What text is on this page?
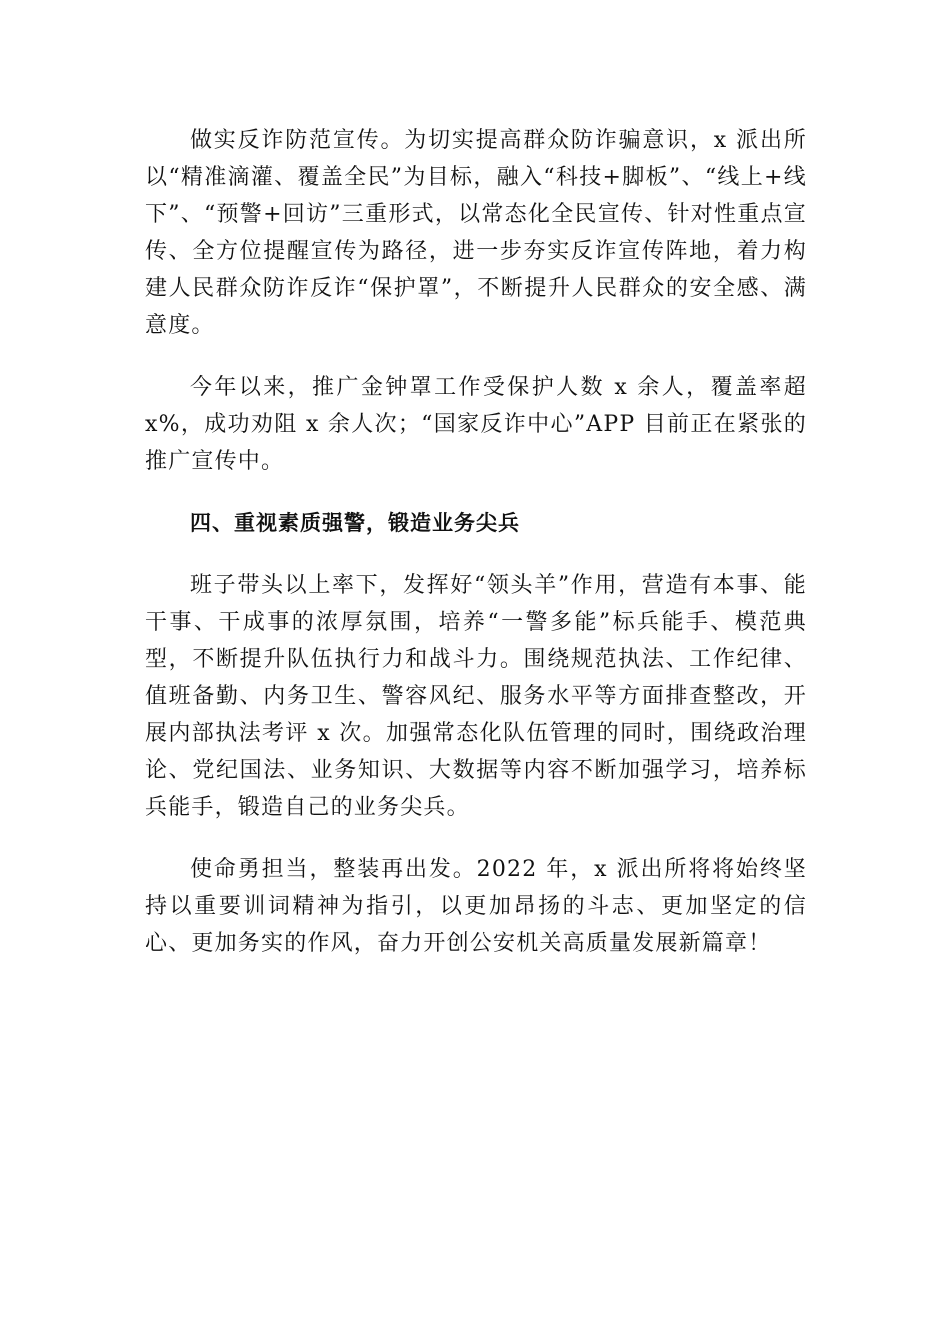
做实反诈防范宣传。为切实提高群众防诈骗意识，x 派出所以“精准滴灌、覆盖全民”为目标，融入“科技+脚板”、“线上+线下”、“预警+回访”三重形式，以常态化全民宣传、针对性重点宣传、全方位提醒宣传为路径，进一步夯实反诈宣传阵地，着力构建人民群众防诈反诈“保护罩”，不断提升人民群众的安全感、满意度。

今年以来，推广金钟罩工作受保护人数 x 余人，覆盖率超 x%，成功劝阻 x 余人次；“国家反诈中心”APP 目前正在紧张的推广宣传中。

四、重视素质强警，锻造业务尖兵

班子带头以上率下，发挥好“领头羊”作用，营造有本事、能干事、干成事的浓厚氛围，培养“一警多能”标兵能手、模范典型，不断提升队伍执行力和战斗力。围绕规范执法、工作纪律、值班备勤、内务卫生、警容风纪、服务水平等方面排查整改，开展内部执法考评 x 次。加强常态化队伍管理的同时，围绕政治理论、党纪国法、业务知识、大数据等内容不断加强学习，培养标兵能手，锻造自己的业务尖兵。

使命勇担当，整装再出发。2022 年，x 派出所将将始终坚持以重要训词精神为指引，以更加昂扬的斗志、更加坚定的信心、更加务实的作风，奋力开创公安机关高质量发展新篇章！
